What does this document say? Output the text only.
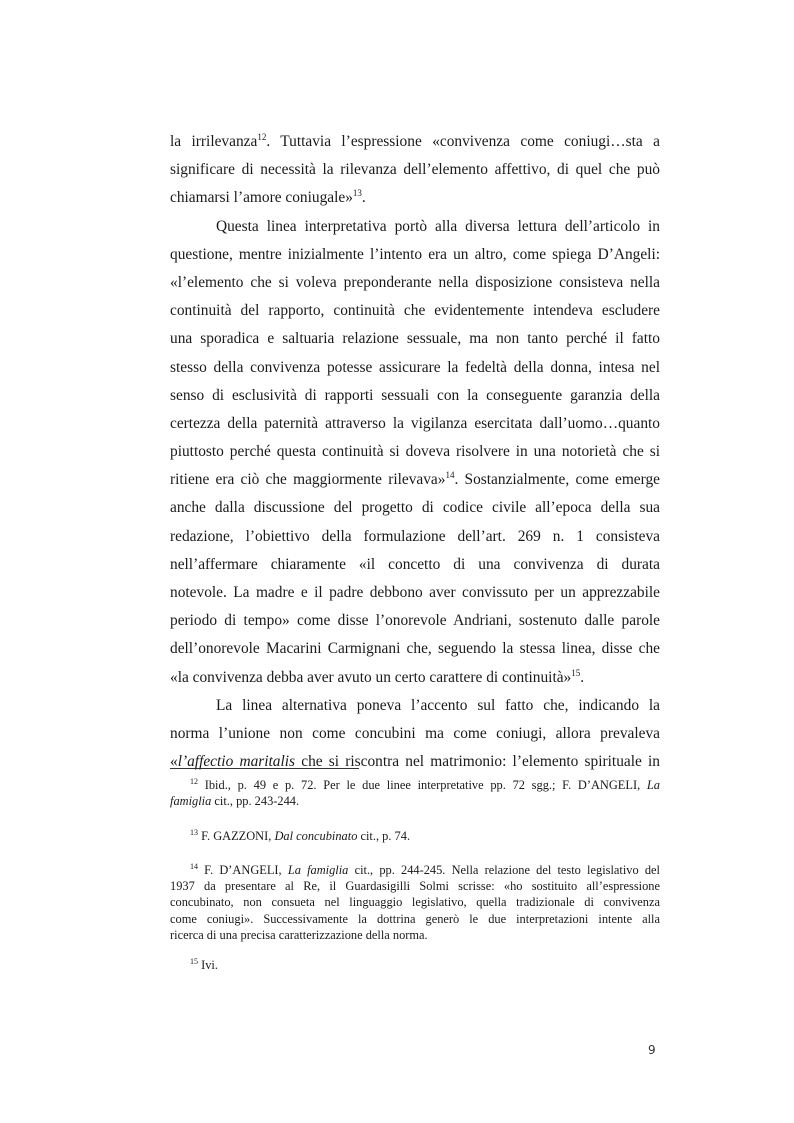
la irrilevanza$^{12}$. Tuttavia l’espressione «convivenza come coniugi…sta a
significare di necessità la rilevanza dell’elemento affettivo, di quel che può
chiamarsi l’amore coniugale»$^{13}$.
Questa linea interpretativa portò alla diversa lettura dell’articolo in
questione, mentre inizialmente l’intento era un altro, come spiega D’Angeli:
«l’elemento che si voleva preponderante nella disposizione consisteva nella
continuità del rapporto, continuità che evidentemente intendeva escludere
una sporadica e saltuaria relazione sessuale, ma non tanto perché il fatto
stesso della convivenza potesse assicurare la fedeltà della donna, intesa nel
senso di esclusività di rapporti sessuali con la conseguente garanzia della
certezza della paternità attraverso la vigilanza esercitata dall’uomo…quanto
piuttosto perché questa continuità si doveva risolvere in una notorietà che si
ritiene era ciò che maggiormente rilevava»$^{14}$. Sostanzialmente, come emerge
anche dalla discussione del progetto di codice civile all’epoca della sua
redazione, l’obiettivo della formulazione dell’art. 269 n. 1 consisteva
nell’affermare chiaramente «il concetto di una convivenza di durata
notevole. La madre e il padre debbono aver convissuto per un apprezzabile
periodo di tempo» come disse l’onorevole Andriani, sostenuto dalle parole
dell’onorevole Macarini Carmignani che, seguendo la stessa linea, disse che
«la convivenza debba aver avuto un certo carattere di continuità»$^{15}$.
La linea alternativa poneva l’accento sul fatto che, indicando la
norma l’unione non come concubini ma come coniugi, allora prevaleva
«l’affectio maritalis che si riscontra nel matrimonio: l’elemento spirituale in
$^{12}$ Ibid., p. 49 e p. 72. Per le due linee interpretative pp. 72 sgg.; F. D’ANGELI, La
famiglia cit., pp. 243-244.
$^{13}$ F. GAZZONI, Dal concubinato cit., p. 74.
$^{14}$ F. D’ANGELI, La famiglia cit., pp. 244-245. Nella relazione del testo legislativo del
1937 da presentare al Re, il Guardasigilli Solmi scrisse: «ho sostituito all’espressione
concubinato, non consueta nel linguaggio legislativo, quella tradizionale di convivenza
come coniugi». Successivamente la dottrina generò le due interpretazioni intente alla
ricerca di una precisa caratterizzazione della norma.
$^{15}$ Ivi.
9
